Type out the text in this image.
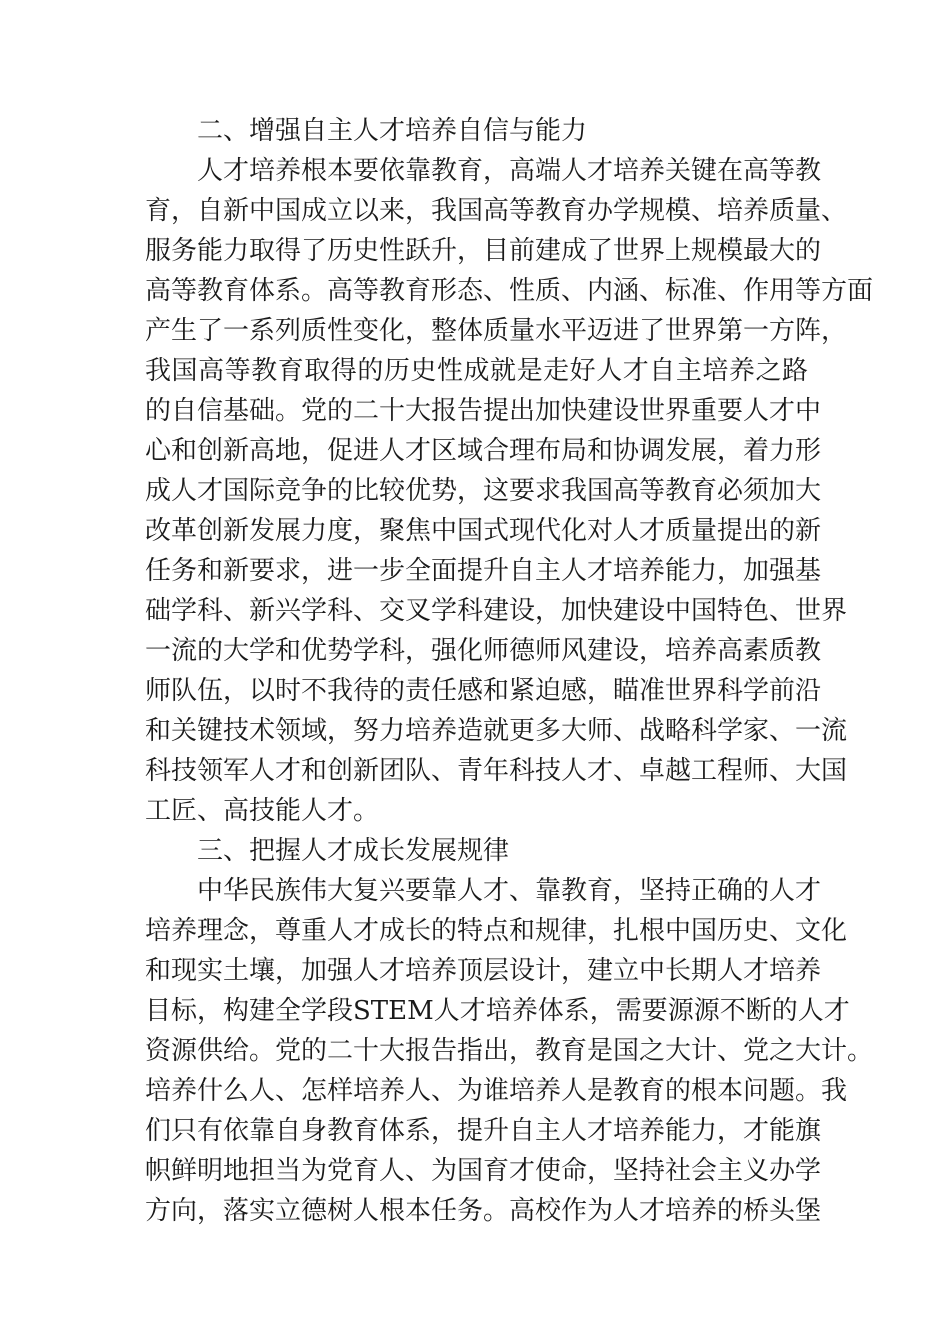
二、增强自主人才培养自信与能力
人才培养根本要依靠教育，高端人才培养关键在高等教
育，自新中国成立以来，我国高等教育办学规模、培养质量、
服务能力取得了历史性跃升，目前建成了世界上规模最大的
高等教育体系。高等教育形态、性质、内涵、标准、作用等方面
产生了一系列质性变化，整体质量水平迈进了世界第一方阵，
我国高等教育取得的历史性成就是走好人才自主培养之路
的自信基础。党的二十大报告提出加快建设世界重要人才中
心和创新高地，促进人才区域合理布局和协调发展，着力形
成人才国际竞争的比较优势，这要求我国高等教育必须加大
改革创新发展力度，聚焦中国式现代化对人才质量提出的新
任务和新要求，进一步全面提升自主人才培养能力，加强基
础学科、新兴学科、交叉学科建设，加快建设中国特色、世界
一流的大学和优势学科，强化师德师风建设，培养高素质教
师队伍，以时不我待的责任感和紧迫感，瞄准世界科学前沿
和关键技术领域，努力培养造就更多大师、战略科学家、一流
科技领军人才和创新团队、青年科技人才、卓越工程师、大国
工匠、高技能人才。
三、把握人才成长发展规律
中华民族伟大复兴要靠人才、靠教育，坚持正确的人才
培养理念，尊重人才成长的特点和规律，扎根中国历史、文化
和现实土壤，加强人才培养顶层设计，建立中长期人才培养
目标，构建全学段STEM人才培养体系，需要源源不断的人才
资源供给。党的二十大报告指出，教育是国之大计、党之大计。
培养什么人、怎样培养人、为谁培养人是教育的根本问题。我
们只有依靠自身教育体系，提升自主人才培养能力，才能旗
帜鲜明地担当为党育人、为国育才使命，坚持社会主义办学
方向，落实立德树人根本任务。高校作为人才培养的桥头堡
